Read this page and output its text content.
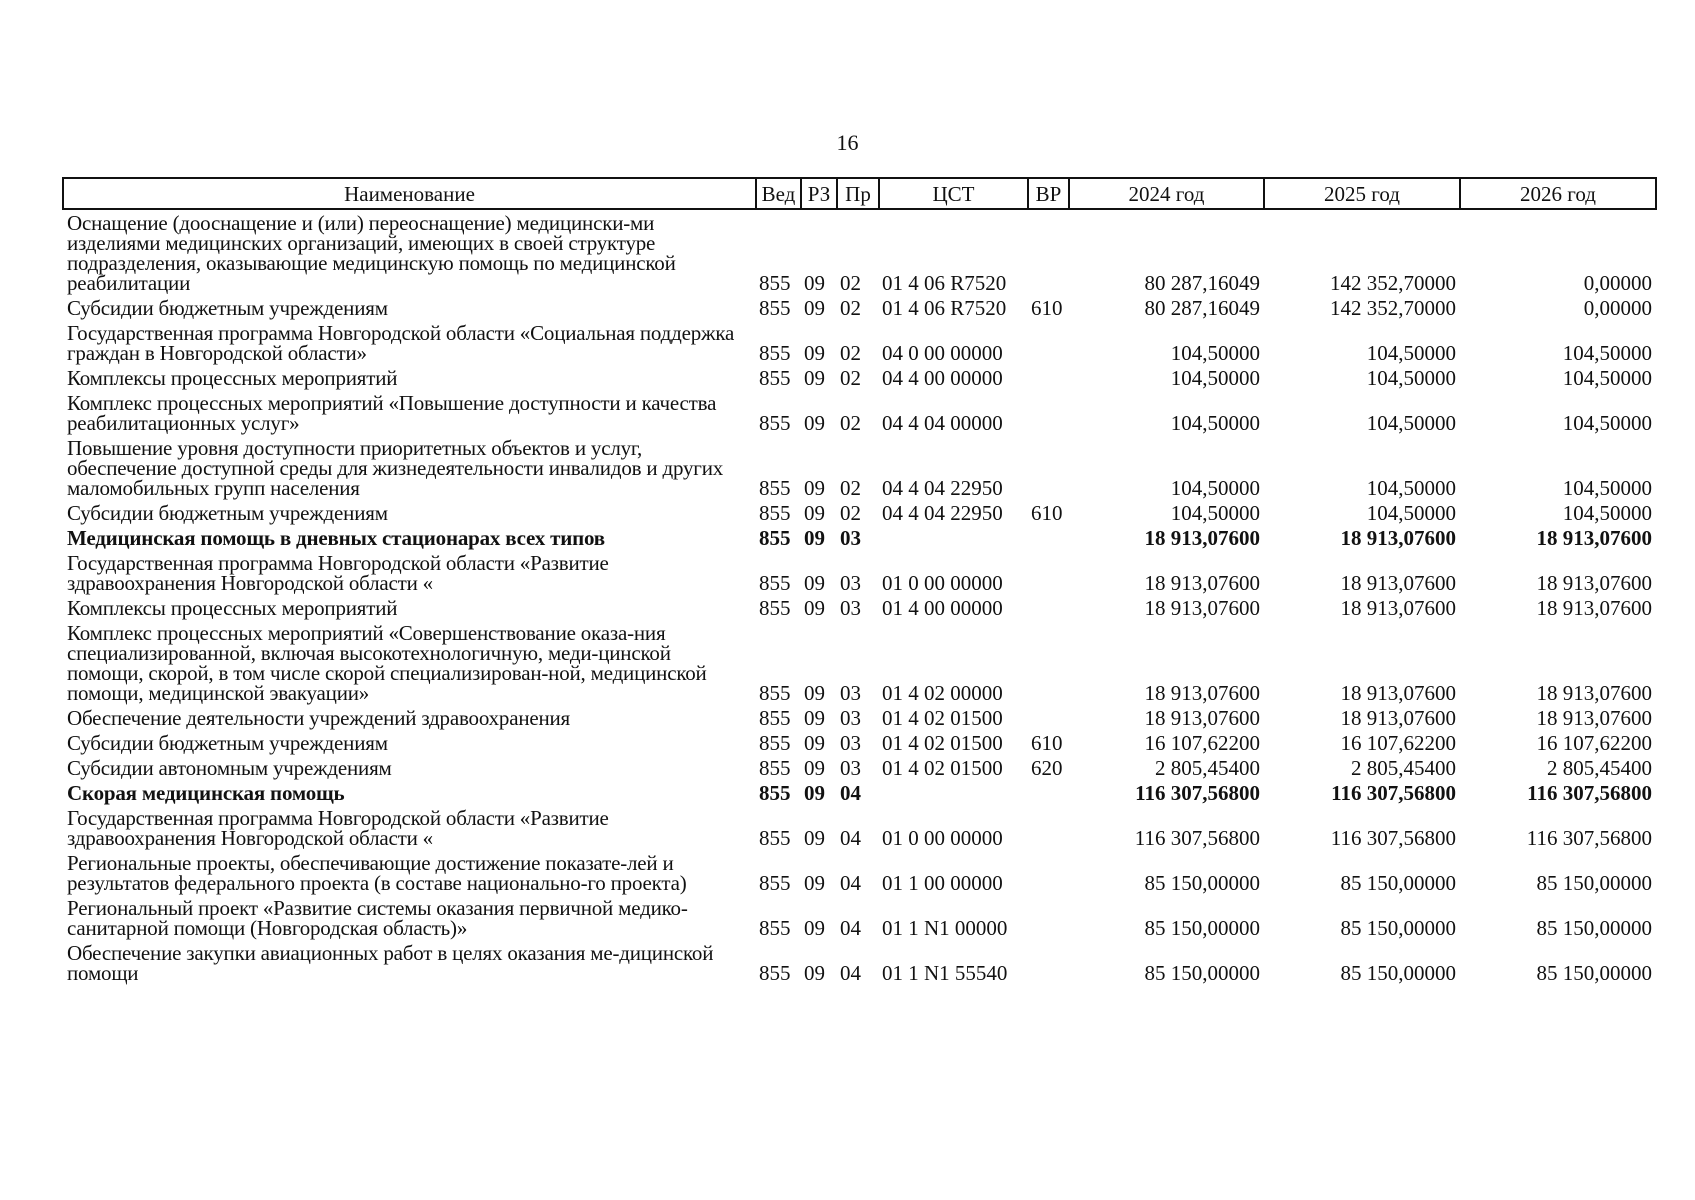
16
Наименование	Вед	РЗ	Пр	ЦСТ	ВР	2024 год	2025 год	2026 год
Оснащение (дооснащение и (или) переоснащение) медицински-ми изделиями медицинских организаций, имеющих в своей структуре подразделения, оказывающие медицинскую помощь по медицинской реабилитации	855	09	02	01 4 06 R7520		80 287,16049	142 352,70000	0,00000
Субсидии бюджетным учреждениям	855	09	02	01 4 06 R7520	610	80 287,16049	142 352,70000	0,00000
Государственная программа Новгородской области «Социальная поддержка граждан в Новгородской области»	855	09	02	04 0 00 00000		104,50000	104,50000	104,50000
Комплексы процессных мероприятий	855	09	02	04 4 00 00000		104,50000	104,50000	104,50000
Комплекс процессных мероприятий «Повышение доступности и качества реабилитационных услуг»	855	09	02	04 4 04 00000		104,50000	104,50000	104,50000
Повышение уровня доступности приоритетных объектов и услуг, обеспечение доступной среды для жизнедеятельности инвалидов и других маломобильных групп населения	855	09	02	04 4 04 22950		104,50000	104,50000	104,50000
Субсидии бюджетным учреждениям	855	09	02	04 4 04 22950	610	104,50000	104,50000	104,50000
Медицинская помощь в дневных стационарах всех типов	855	09	03			18 913,07600	18 913,07600	18 913,07600
Государственная программа Новгородской области «Развитие здравоохранения Новгородской области «	855	09	03	01 0 00 00000		18 913,07600	18 913,07600	18 913,07600
Комплексы процессных мероприятий	855	09	03	01 4 00 00000		18 913,07600	18 913,07600	18 913,07600
Комплекс процессных мероприятий «Совершенствование оказа-ния специализированной, включая высокотехнологичную, меди-цинской помощи, скорой, в том числе скорой специализирован-ной, медицинской помощи, медицинской эвакуации»	855	09	03	01 4 02 00000		18 913,07600	18 913,07600	18 913,07600
Обеспечение деятельности учреждений здравоохранения	855	09	03	01 4 02 01500		18 913,07600	18 913,07600	18 913,07600
Субсидии бюджетным учреждениям	855	09	03	01 4 02 01500	610	16 107,62200	16 107,62200	16 107,62200
Субсидии автономным учреждениям	855	09	03	01 4 02 01500	620	2 805,45400	2 805,45400	2 805,45400
Скорая медицинская помощь	855	09	04			116 307,56800	116 307,56800	116 307,56800
Государственная программа Новгородской области «Развитие здравоохранения Новгородской области «	855	09	04	01 0 00 00000		116 307,56800	116 307,56800	116 307,56800
Региональные проекты, обеспечивающие достижение показате-лей и результатов федерального проекта (в составе национально-го проекта)	855	09	04	01 1 00 00000		85 150,00000	85 150,00000	85 150,00000
Региональный проект «Развитие системы оказания первичной медико-санитарной помощи (Новгородская область)»	855	09	04	01 1 N1 00000		85 150,00000	85 150,00000	85 150,00000
Обеспечение закупки авиационных работ в целях оказания ме-дицинской помощи	855	09	04	01 1 N1 55540		85 150,00000	85 150,00000	85 150,00000
